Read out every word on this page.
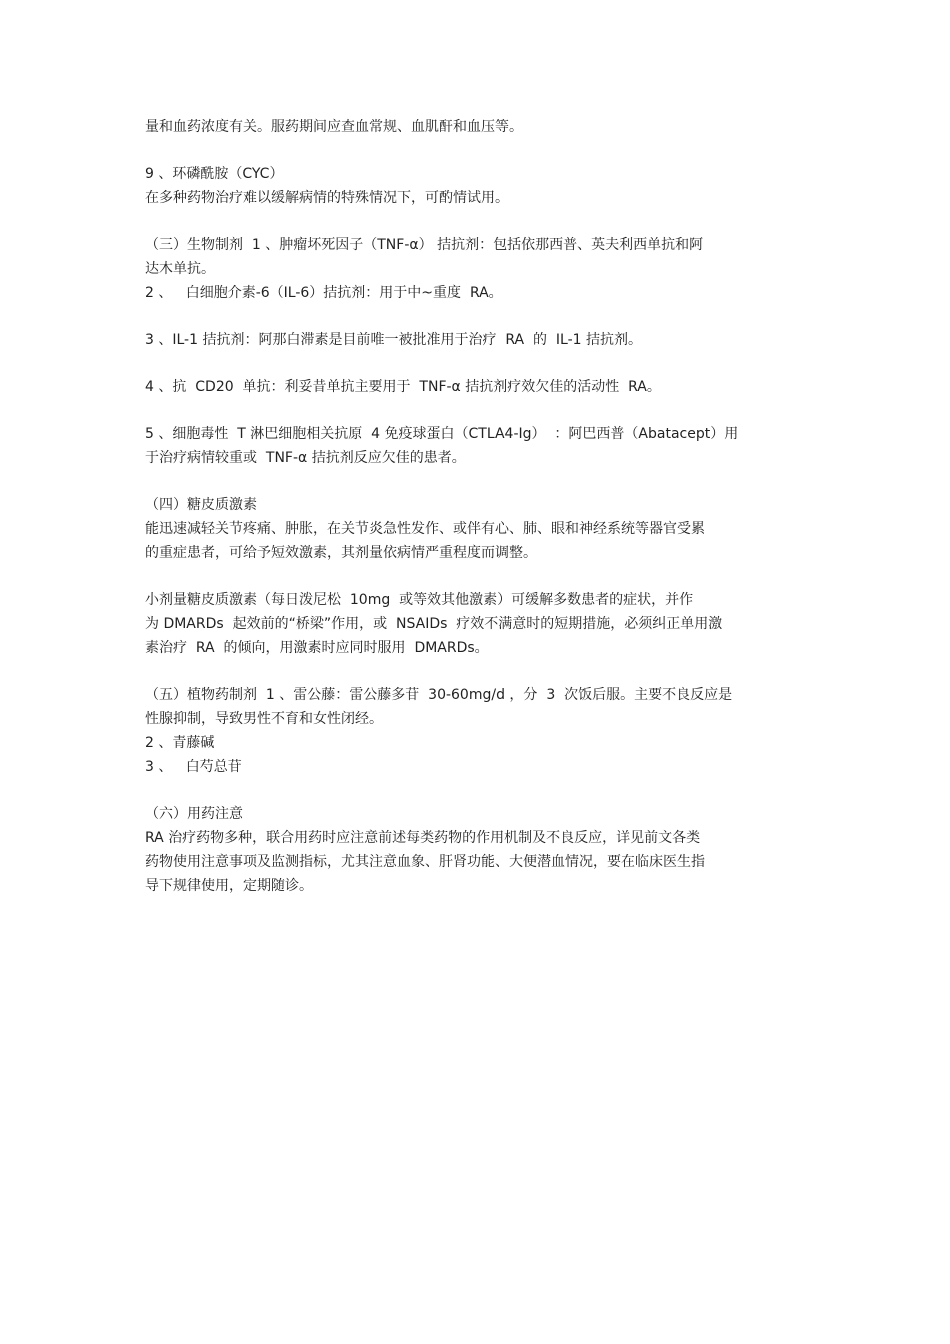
量和血药浓度有关。服药期间应查血常规、血肌酐和血压等。
9 、环磷酰胺（CYC）
在多种药物治疗难以缓解病情的特殊情况下，可酌情试用。
（三）生物制剂  1 、肿瘤坏死因子（TNF-α） 拮抗剂：包括依那西普、英夫利西单抗和阿
达木单抗。
2 、   白细胞介素-6（IL-6）拮抗剂：用于中~重度  RA。
3 、IL-1 拮抗剂：阿那白滞素是目前唯一被批准用于治疗  RA  的  IL-1 拮抗剂。
4 、抗  CD20  单抗：利妥昔单抗主要用于  TNF-α 拮抗剂疗效欠佳的活动性  RA。
5 、细胞毒性  T 淋巴细胞相关抗原  4 免疫球蛋白（CTLA4-Ig）  ：阿巴西普（Abatacept）用
于治疗病情较重或  TNF-α 拮抗剂反应欠佳的患者。
（四）糖皮质激素
能迅速减轻关节疼痛、肿胀，在关节炎急性发作、或伴有心、肺、眼和神经系统等器官受累
的重症患者，可给予短效激素，其剂量依病情严重程度而调整。
小剂量糖皮质激素（每日泼尼松  10mg  或等效其他激素）可缓解多数患者的症状，并作
为 DMARDs  起效前的“桥梁”作用，或  NSAIDs  疗效不满意时的短期措施，必须纠正单用激
素治疗  RA  的倾向，用激素时应同时服用  DMARDs。
（五）植物药制剂  1 、雷公藤：雷公藤多苷  30-60mg/d ，分  3  次饭后服。主要不良反应是
性腺抑制，导致男性不育和女性闭经。
2 、青藤碱
3 、   白芍总苷
（六）用药注意
RA 治疗药物多种，联合用药时应注意前述每类药物的作用机制及不良反应，详见前文各类
药物使用注意事项及监测指标，尤其注意血象、肝肾功能、大便潜血情况，要在临床医生指
导下规律使用，定期随诊。
